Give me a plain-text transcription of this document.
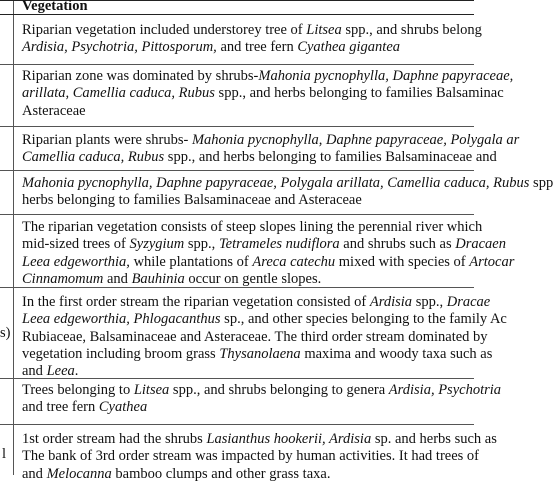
Vegetation
Riparian vegetation included understorey tree of Litsea spp., and shrubs belong
Ardisia, Psychotria, Pittosporum, and tree fern Cyathea gigantea
Riparian zone was dominated by shrubs-Mahonia pycnophylla, Daphne papyraceae,
arillata, Camellia caduca, Rubus spp., and herbs belonging to families Balsaminac
Asteraceae
Riparian plants were shrubs- Mahonia pycnophylla, Daphne papyraceae, Polygala ar
Camellia caduca, Rubus spp., and herbs belonging to families Balsaminaceae and
Mahonia pycnophylla, Daphne papyraceae, Polygala arillata, Camellia caduca, Rubus spp
herbs belonging to families Balsaminaceae and Asteraceae
The riparian vegetation consists of steep slopes lining the perennial river which
mid-sized trees of Syzygium spp., Tetrameles nudiflora and shrubs such as Dracaen
Leea edgeworthia, while plantations of Areca catechu mixed with species of Artocar
Cinnamomum and Bauhinia occur on gentle slopes.
In the first order stream the riparian vegetation consisted of Ardisia spp., Dracae
Leea edgeworthia, Phlogacanthus sp., and other species belonging to the family Ac
Rubiaceae, Balsaminaceae and Asteraceae. The third order stream dominated by
vegetation including broom grass Thysanolaena maxima and woody taxa such as
and Leea.
s)
Trees belonging to Litsea spp., and shrubs belonging to genera Ardisia, Psychotria
and tree fern Cyathea
1st order stream had the shrubs Lasianthus hookerii, Ardisia sp. and herbs such as
The bank of 3rd order stream was impacted by human activities. It had trees of
and Melocanna bamboo clumps and other grass taxa.
l
